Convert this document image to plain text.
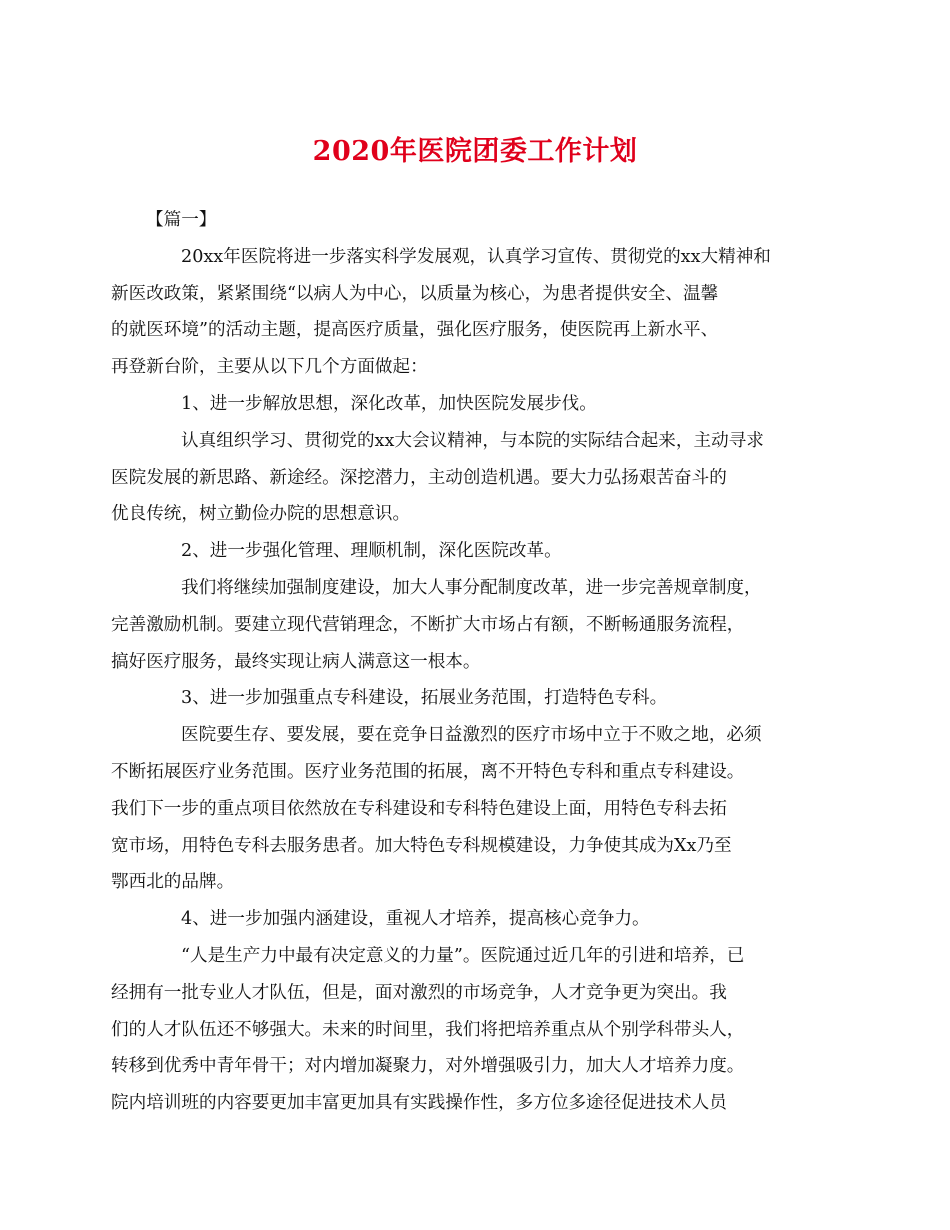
2020年医院团委工作计划

【篇一】

20xx年医院将进一步落实科学发展观，认真学习宣传、贯彻党的xx大精神和
新医改政策，紧紧围绕“以病人为中心，以质量为核心，为患者提供安全、温馨
的就医环境”的活动主题，提高医疗质量，强化医疗服务，使医院再上新水平、
再登新台阶，主要从以下几个方面做起：

1、进一步解放思想，深化改革，加快医院发展步伐。

认真组织学习、贯彻党的xx大会议精神，与本院的实际结合起来，主动寻求
医院发展的新思路、新途经。深挖潜力，主动创造机遇。要大力弘扬艰苦奋斗的
优良传统，树立勤俭办院的思想意识。

2、进一步强化管理、理顺机制，深化医院改革。

我们将继续加强制度建设，加大人事分配制度改革，进一步完善规章制度，
完善激励机制。要建立现代营销理念，不断扩大市场占有额，不断畅通服务流程，
搞好医疗服务，最终实现让病人满意这一根本。

3、进一步加强重点专科建设，拓展业务范围，打造特色专科。

医院要生存、要发展，要在竞争日益激烈的医疗市场中立于不败之地，必须
不断拓展医疗业务范围。医疗业务范围的拓展，离不开特色专科和重点专科建设。
我们下一步的重点项目依然放在专科建设和专科特色建设上面，用特色专科去拓
宽市场，用特色专科去服务患者。加大特色专科规模建设，力争使其成为Xx乃至
鄂西北的品牌。

4、进一步加强内涵建设，重视人才培养，提高核心竞争力。

“人是生产力中最有决定意义的力量”。医院通过近几年的引进和培养，已
经拥有一批专业人才队伍，但是，面对激烈的市场竞争，人才竞争更为突出。我
们的人才队伍还不够强大。未来的时间里，我们将把培养重点从个别学科带头人，
转移到优秀中青年骨干；对内增加凝聚力，对外增强吸引力，加大人才培养力度。
院内培训班的内容要更加丰富更加具有实践操作性，多方位多途径促进技术人员
